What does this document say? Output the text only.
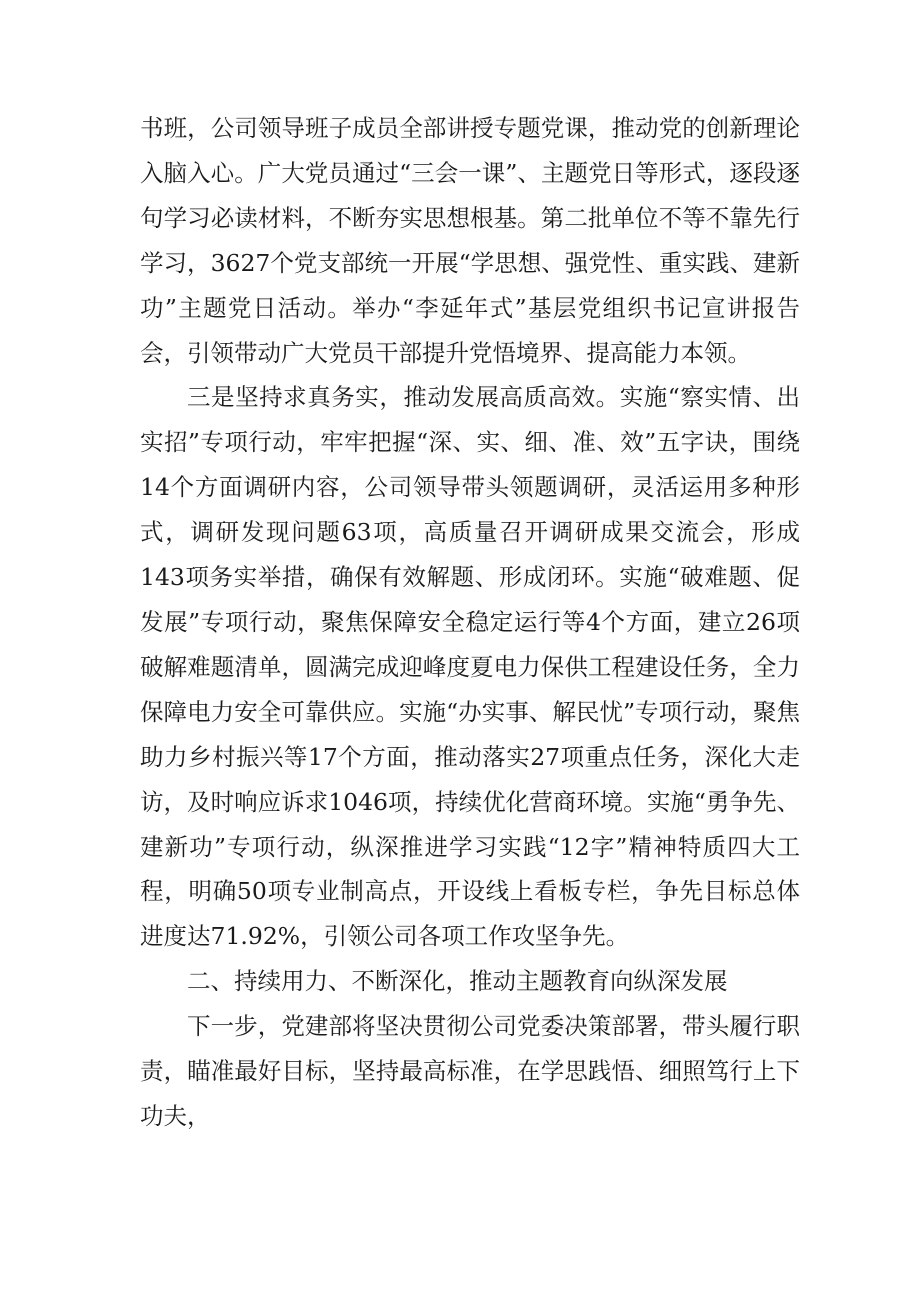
书班，公司领导班子成员全部讲授专题党课，推动党的创新理论入脑入心。广大党员通过“三会一课”、主题党日等形式，逐段逐句学习必读材料，不断夯实思想根基。第二批单位不等不靠先行学习，3627个党支部统一开展“学思想、强党性、重实践、建新功”主题党日活动。举办“李延年式”基层党组织书记宣讲报告会，引领带动广大党员干部提升党悟境界、提高能力本领。

三是坚持求真务实，推动发展高质高效。实施“察实情、出实招”专项行动，牢牢把握“深、实、细、准、效”五字诀，围绕14个方面调研内容，公司领导带头领题调研，灵活运用多种形式，调研发现问题63项，高质量召开调研成果交流会，形成143项务实举措，确保有效解题、形成闭环。实施“破难题、促发展”专项行动，聚焦保障安全稳定运行等4个方面，建立26项破解难题清单，圆满完成迎峰度夏电力保供工程建设任务，全力保障电力安全可靠供应。实施“办实事、解民忧”专项行动，聚焦助力乡村振兴等17个方面，推动落实27项重点任务，深化大走访，及时响应诉求1046项，持续优化营商环境。实施“勇争先、建新功”专项行动，纵深推进学习实践“12字”精神特质四大工程，明确50项专业制高点，开设线上看板专栏，争先目标总体进度达71.92%，引领公司各项工作攻坚争先。

二、持续用力、不断深化，推动主题教育向纵深发展

下一步，党建部将坚决贯彻公司党委决策部署，带头履行职责，瞄准最好目标，坚持最高标准，在学思践悟、细照笃行上下功夫，
